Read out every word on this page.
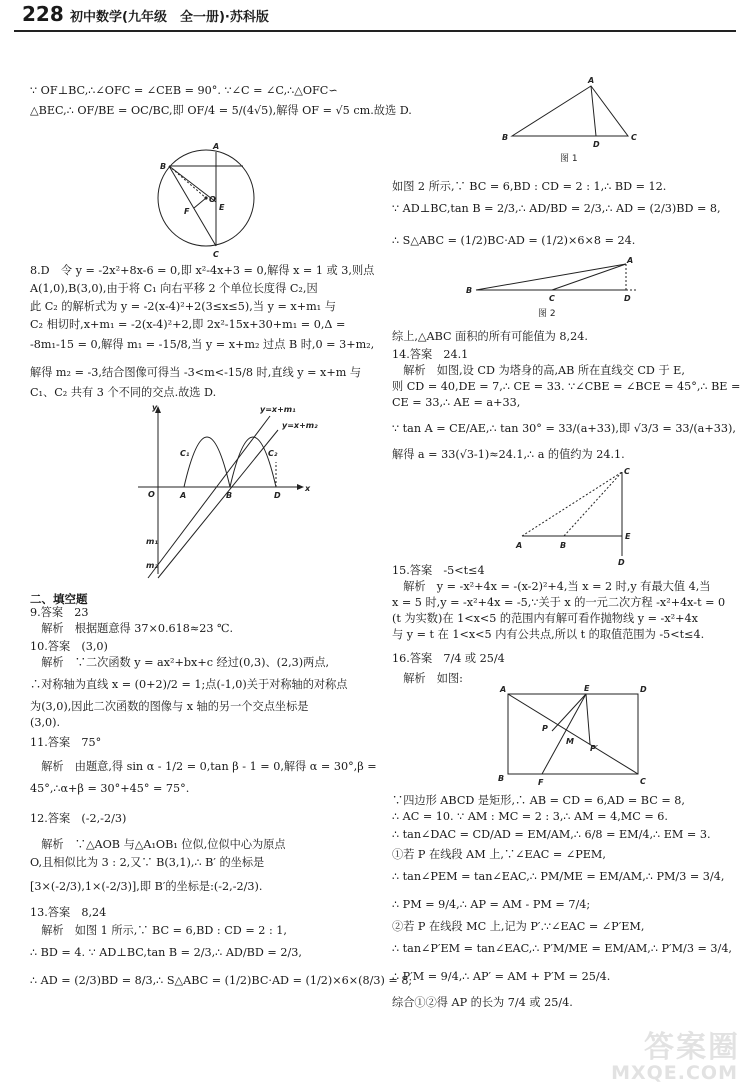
228 初中数学(九年级　全一册)·苏科版
∵ OF⊥BC,∴∠OFC = ∠CEB = 90°. ∵∠C = ∠C,∴△OFC∽
△BEC,∴ OF/BE = OC/BC,即 OF/4 = 5/(4√5),解得 OF = √5 cm.故选 D.
A
B
C
E
F
O
8.D　令 y = -2x²+8x-6 = 0,即 x²-4x+3 = 0,解得 x = 1 或 3,则点
A(1,0),B(3,0),由于将 C₁ 向右平移 2 个单位长度得 C₂,因
此 C₂ 的解析式为 y = -2(x-4)²+2(3≤x≤5),当 y = x+m₁ 与
C₂ 相切时,x+m₁ = -2(x-4)²+2,即 2x²-15x+30+m₁ = 0,Δ =
-8m₁-15 = 0,解得 m₁ = -15/8,当 y = x+m₂ 过点 B 时,0 = 3+m₂,
解得 m₂ = -3,结合图像可得当 -3<m<-15/8 时,直线 y = x+m 与
C₁、C₂ 共有 3 个不同的交点.故选 D.
y
x
O	A	B	D
C₁	C₂
y=x+m₁
y=x+m₂
m₁
m₂
二、填空题
9.答案　23
　解析　根据题意得 37×0.618≈23 ℃.
10.答案　(3,0)
　解析　∵二次函数 y = ax²+bx+c 经过(0,3)、(2,3)两点,
∴对称轴为直线 x = (0+2)/2 = 1;点(-1,0)关于对称轴的对称点
为(3,0),因此二次函数的图像与 x 轴的另一个交点坐标是
(3,0).
11.答案　75°
　解析　由题意,得 sin α - 1/2 = 0,tan β - 1 = 0,解得 α = 30°,β =
45°,∴α+β = 30°+45° = 75°.
12.答案　(-2,-2/3)
　解析　∵△AOB 与△A₁OB₁ 位似,位似中心为原点
O,且相似比为 3 : 2,又∵ B(3,1),∴ B′ 的坐标是
[3×(-2/3),1×(-2/3)],即 B′的坐标是:(-2,-2/3).
13.答案　8,24
　解析　如图 1 所示,∵ BC = 6,BD : CD = 2 : 1,
∴ BD = 4. ∵ AD⊥BC,tan B = 2/3,∴ AD/BD = 2/3,
∴ AD = (2/3)BD = 8/3,∴ S△ABC = (1/2)BC·AD = (1/2)×6×(8/3) = 8;
A
B
D
C
图 1
如图 2 所示,∵ BC = 6,BD : CD = 2 : 1,∴ BD = 12.
∵ AD⊥BC,tan B = 2/3,∴ AD/BD = 2/3,∴ AD = (2/3)BD = 8,
∴ S△ABC = (1/2)BC·AD = (1/2)×6×8 = 24.
A
B
C	D
图 2
综上,△ABC 面积的所有可能值为 8,24.
14.答案　24.1
　解析　如图,设 CD 为塔身的高,AB 所在直线交 CD 于 E,
则 CD = 40,DE = 7,∴ CE = 33. ∵∠CBE = ∠BCE = 45°,∴ BE =
CE = 33,∴ AE = a+33,
∵ tan A = CE/AE,∴ tan 30° = 33/(a+33),即 √3/3 = 33/(a+33),
解得 a = 33(√3-1)≈24.1,∴ a 的值约为 24.1.
C
A	B
E
D
15.答案　-5<t≤4
　解析　y = -x²+4x = -(x-2)²+4,当 x = 2 时,y 有最大值 4,当
x = 5 时,y = -x²+4x = -5,∵关于 x 的一元二次方程 -x²+4x-t = 0
(t 为实数)在 1<x<5 的范围内有解可看作抛物线 y = -x²+4x
与 y = t 在 1<x<5 内有公共点,所以 t 的取值范围为 -5<t≤4.
16.答案　7/4 或 25/4
　解析　如图:
A	D
E
B	C
F
P
M
P′
∵四边形 ABCD 是矩形,∴ AB = CD = 6,AD = BC = 8,
∴ AC = 10. ∵ AM : MC = 2 : 3,∴ AM = 4,MC = 6.
∴ tan∠DAC = CD/AD = EM/AM,∴ 6/8 = EM/4,∴ EM = 3.
①若 P 在线段 AM 上,∵∠EAC = ∠PEM,
∴ tan∠PEM = tan∠EAC,∴ PM/ME = EM/AM,∴ PM/3 = 3/4,
∴ PM = 9/4,∴ AP = AM - PM = 7/4;
②若 P 在线段 MC 上,记为 P′.∵∠EAC = ∠P′EM,
∴ tan∠P′EM = tan∠EAC,∴ P′M/ME = EM/AM,∴ P′M/3 = 3/4,
∴ P′M = 9/4,∴ AP′ = AM + P′M = 25/4.
综合①②得 AP 的长为 7/4 或 25/4.
答案圈
MXQE.COM
